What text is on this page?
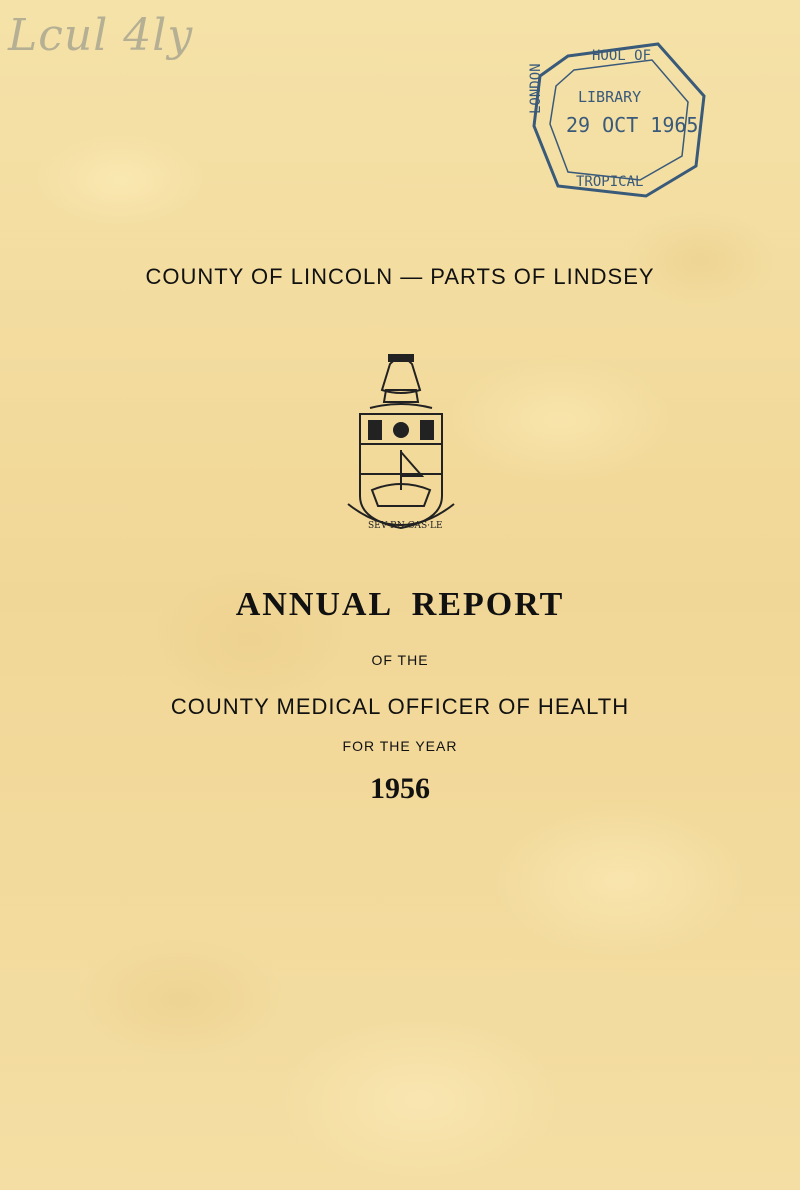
Lcul 4ly	HOOL OF
LIBRARY
29 OCT 1965
TROPICAL
LONDON
COUNTY OF LINCOLN — PARTS OF LINDSEY
SEV·RN·CAS·LE
ANNUAL REPORT
OF THE
COUNTY MEDICAL OFFICER OF HEALTH
FOR THE YEAR
1956
